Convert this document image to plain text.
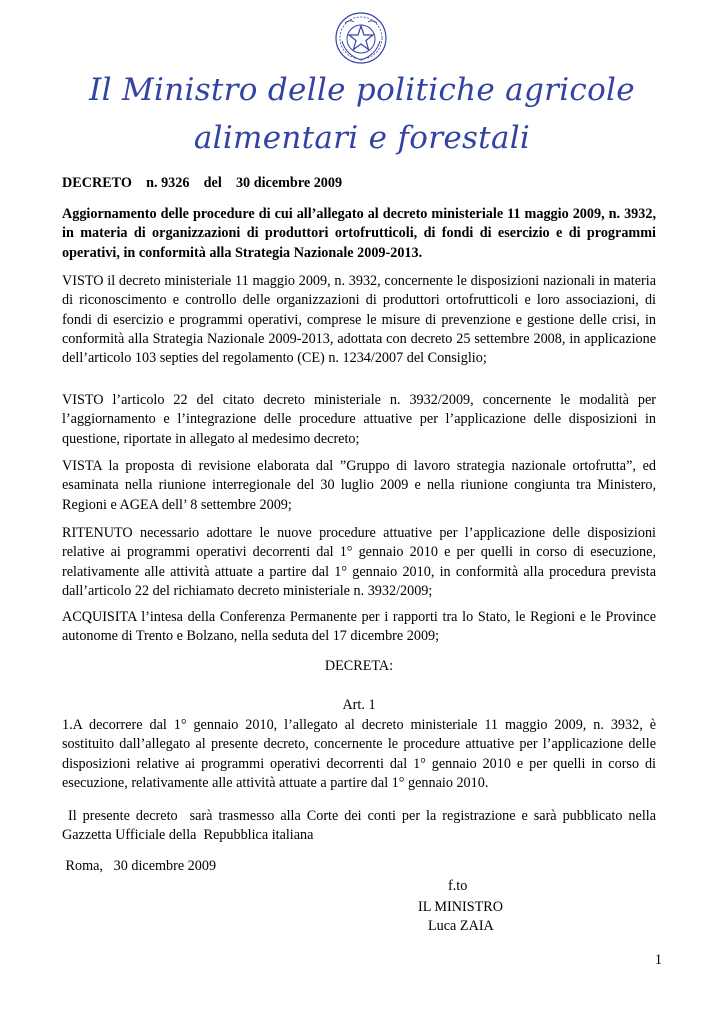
Il Ministro delle politiche agricole
alimentari e forestali
DECRETO    n. 9326    del    30 dicembre 2009
Aggiornamento delle procedure di cui all’allegato al decreto ministeriale 11 maggio 2009, n. 3932, in materia di organizzazioni di produttori ortofrutticoli, di fondi di esercizio e di programmi operativi, in conformità alla Strategia Nazionale 2009-2013.
VISTO il decreto ministeriale 11 maggio 2009, n. 3932, concernente le disposizioni nazionali in materia di riconoscimento e controllo delle organizzazioni di produttori ortofrutticoli e loro associazioni, di fondi di esercizio e programmi operativi, comprese le misure di prevenzione e gestione delle crisi, in conformità alla Strategia Nazionale 2009-2013, adottata con decreto 25 settembre 2008, in applicazione dell’articolo 103 septies del regolamento (CE) n. 1234/2007 del Consiglio;
VISTO l’articolo 22 del citato decreto ministeriale n. 3932/2009, concernente le modalità per l’aggiornamento e l’integrazione delle procedure attuative per l’applicazione delle disposizioni in questione, riportate in allegato al medesimo decreto;
VISTA la proposta di revisione elaborata dal ”Gruppo di lavoro strategia nazionale ortofrutta”, ed esaminata nella riunione interregionale del 30 luglio 2009 e nella riunione congiunta tra Ministero, Regioni e AGEA dell’ 8 settembre 2009;
RITENUTO necessario adottare le nuove procedure attuative per l’applicazione delle disposizioni relative ai programmi operativi decorrenti dal 1° gennaio 2010 e per quelli in corso di esecuzione, relativamente alle attività attuate a partire dal 1° gennaio 2010, in conformità alla procedura prevista dall’articolo 22 del richiamato decreto ministeriale n. 3932/2009;
ACQUISITA l’intesa della Conferenza Permanente per i rapporti tra lo Stato, le Regioni e le Province autonome di Trento e Bolzano, nella seduta del 17 dicembre 2009;
DECRETA:
Art. 1
1.A decorrere dal 1° gennaio 2010, l’allegato al decreto ministeriale 11 maggio 2009, n. 3932, è sostituito dall’allegato al presente decreto, concernente le procedure attuative per l’applicazione delle disposizioni relative ai programmi operativi decorrenti dal 1° gennaio 2010 e per quelli in corso di esecuzione, relativamente alle attività attuate a partire dal 1° gennaio 2010.
Il presente decreto  sarà trasmesso alla Corte dei conti per la registrazione e sarà pubblicato nella Gazzetta Ufficiale della  Repubblica italiana
Roma,   30 dicembre 2009
f.to
IL MINISTRO
Luca ZAIA
1
